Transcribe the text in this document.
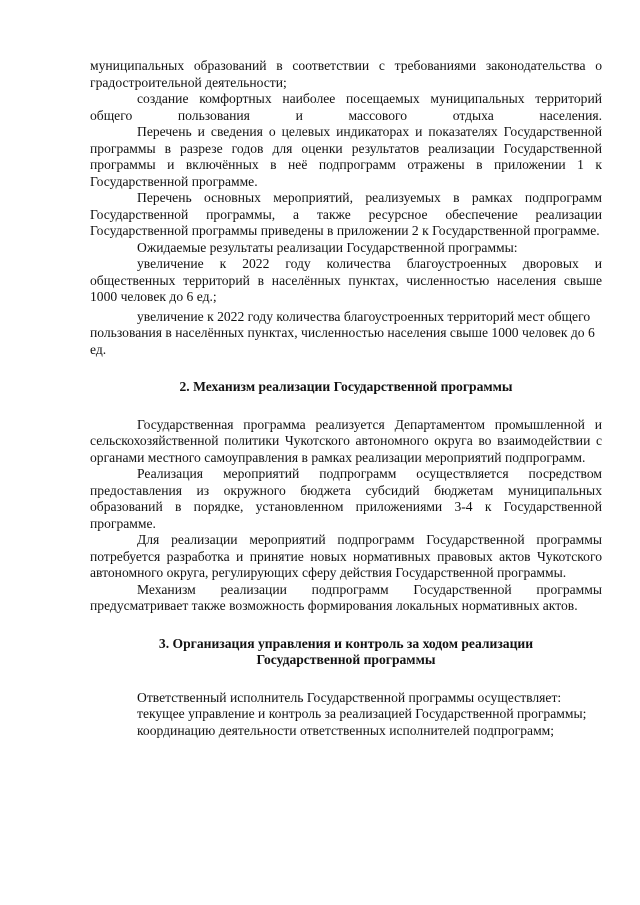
муниципальных образований в соответствии с требованиями законодательства о градостроительной деятельности;

создание комфортных наиболее посещаемых муниципальных территорий общего пользования и массового отдыха населения.

Перечень и сведения о целевых индикаторах и показателях Государственной программы в разрезе годов для оценки результатов реализации Государственной программы и включённых в неё подпрограмм отражены в приложении 1 к Государственной программе.

Перечень основных мероприятий, реализуемых в рамках подпрограмм Государственной программы, а также ресурсное обеспечение реализации Государственной программы приведены в приложении 2 к Государственной программе.

Ожидаемые результаты реализации Государственной программы:

увеличение к 2022 году количества благоустроенных дворовых и общественных территорий в населённых пунктах, численностью населения свыше 1000 человек до 6 ед.;

увеличение к 2022 году количества благоустроенных территорий мест общего пользования в населённых пунктах, численностью населения свыше 1000 человек до 6 ед.

2. Механизм реализации Государственной программы

Государственная программа реализуется Департаментом промышленной и сельскохозяйственной политики Чукотского автономного округа во взаимодействии с органами местного самоуправления в рамках реализации мероприятий подпрограмм.

Реализация мероприятий подпрограмм осуществляется посредством предоставления из окружного бюджета субсидий бюджетам муниципальных образований в порядке, установленном приложениями 3-4 к Государственной программе.

Для реализации мероприятий подпрограмм Государственной программы потребуется разработка и принятие новых нормативных правовых актов Чукотского автономного округа, регулирующих сферу действия Государственной программы.

Механизм реализации подпрограмм Государственной программы предусматривает также возможность формирования локальных нормативных актов.

3. Организация управления и контроль за ходом реализации
Государственной программы

Ответственный исполнитель Государственной программы осуществляет:

текущее управление и контроль за реализацией Государственной программы;

координацию деятельности ответственных исполнителей подпрограмм;
